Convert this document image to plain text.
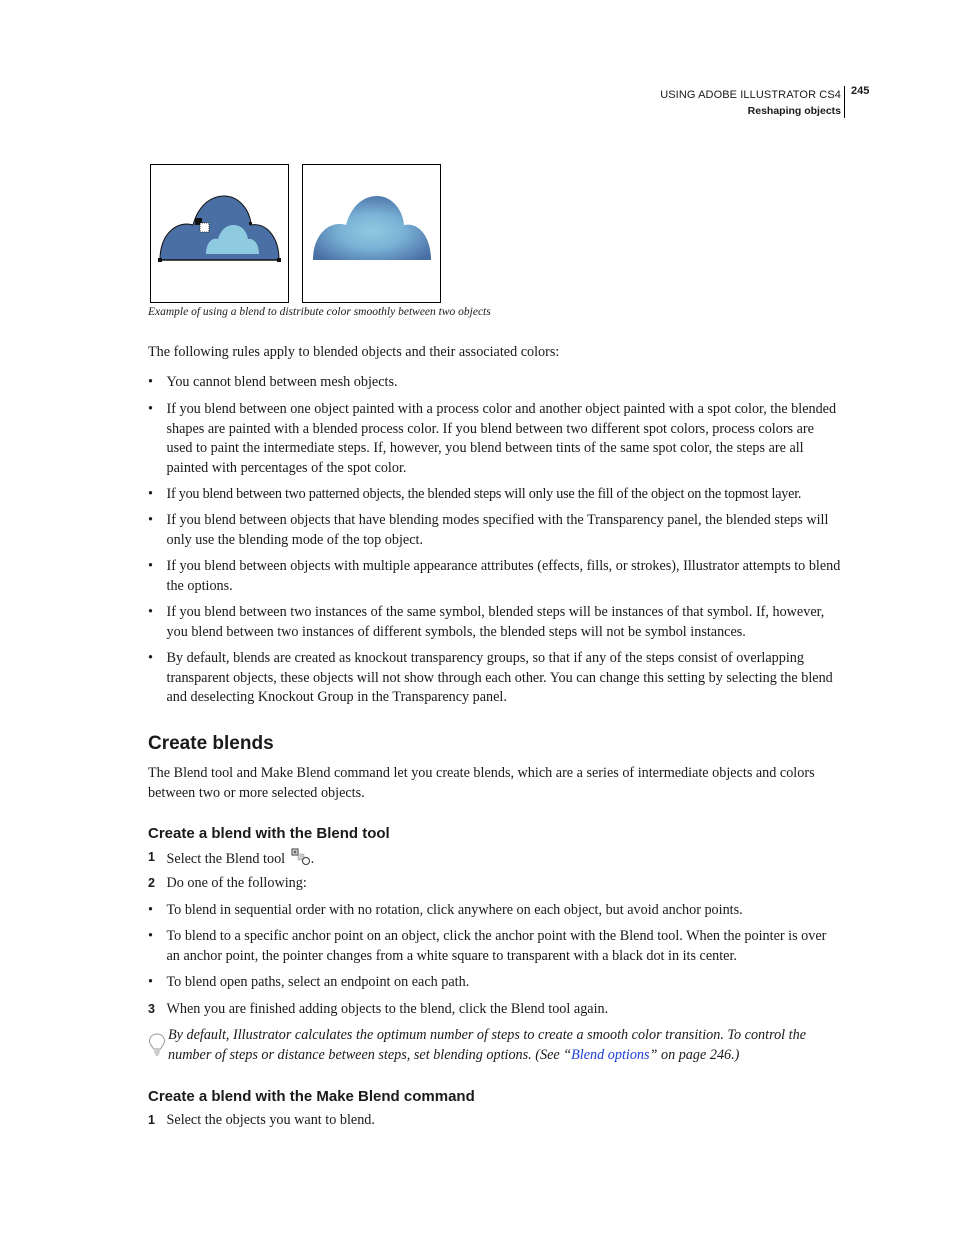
USING ADOBE ILLUSTRATOR CS4
Reshaping objects
245
Example of using a blend to distribute color smoothly between two objects
The following rules apply to blended objects and their associated colors:
• You cannot blend between mesh objects.
• If you blend between one object painted with a process color and another object painted with a spot color, the blended shapes are painted with a blended process color. If you blend between two different spot colors, process colors are used to paint the intermediate steps. If, however, you blend between tints of the same spot color, the steps are all painted with percentages of the spot color.
• If you blend between two patterned objects, the blended steps will only use the fill of the object on the topmost layer.
• If you blend between objects that have blending modes specified with the Transparency panel, the blended steps will only use the blending mode of the top object.
• If you blend between objects with multiple appearance attributes (effects, fills, or strokes), Illustrator attempts to blend the options.
• If you blend between two instances of the same symbol, blended steps will be instances of that symbol. If, however, you blend between two instances of different symbols, the blended steps will not be symbol instances.
• By default, blends are created as knockout transparency groups, so that if any of the steps consist of overlapping transparent objects, these objects will not show through each other. You can change this setting by selecting the blend and deselecting Knockout Group in the Transparency panel.
Create blends
The Blend tool and Make Blend command let you create blends, which are a series of intermediate objects and colors between two or more selected objects.
Create a blend with the Blend tool
1 Select the Blend tool .
2 Do one of the following:
• To blend in sequential order with no rotation, click anywhere on each object, but avoid anchor points.
• To blend to a specific anchor point on an object, click the anchor point with the Blend tool. When the pointer is over an anchor point, the pointer changes from a white square to transparent with a black dot in its center.
• To blend open paths, select an endpoint on each path.
3 When you are finished adding objects to the blend, click the Blend tool again.
By default, Illustrator calculates the optimum number of steps to create a smooth color transition. To control the number of steps or distance between steps, set blending options. (See “Blend options” on page 246.)
Create a blend with the Make Blend command
1 Select the objects you want to blend.
